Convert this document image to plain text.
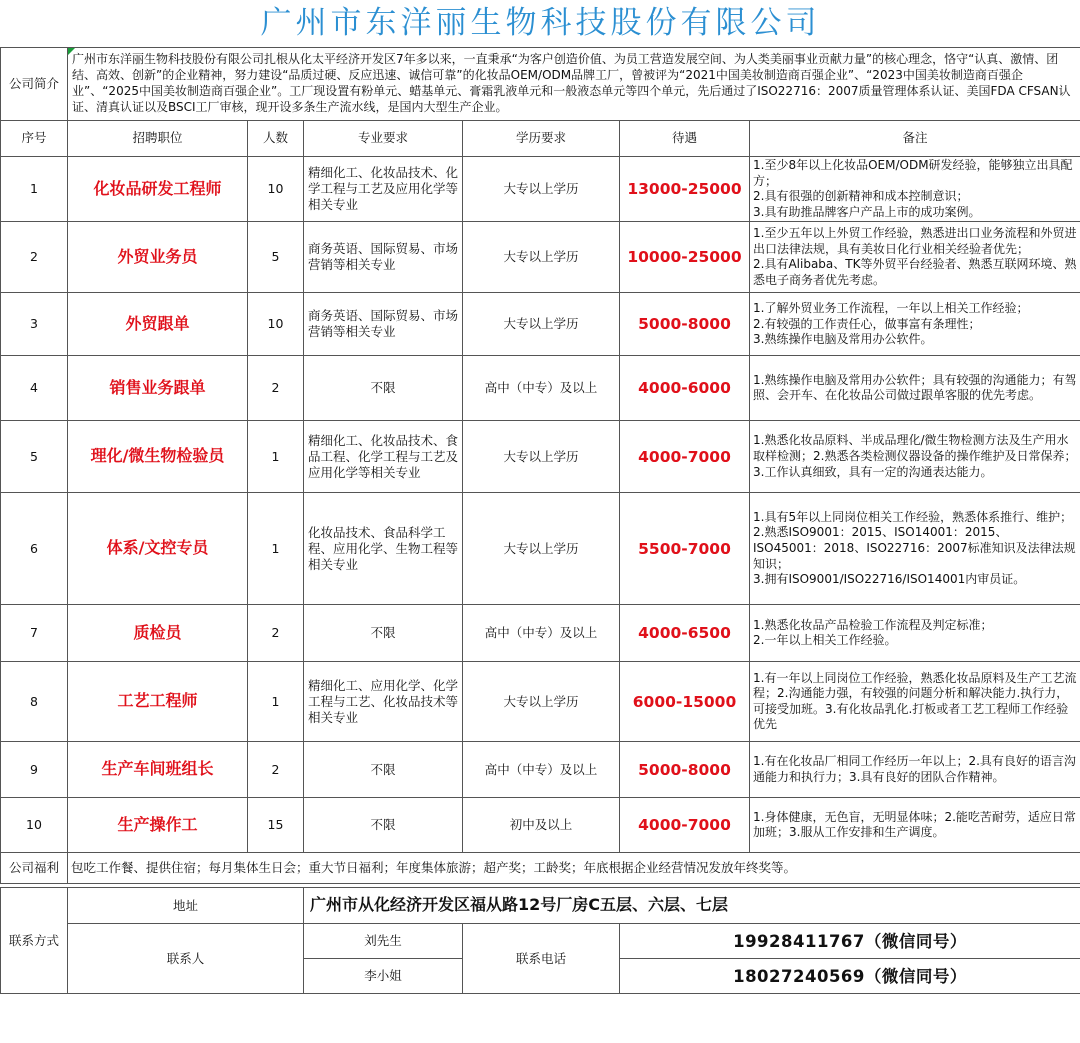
广州市东洋丽生物科技股份有限公司						
公司简介	广州市东洋丽生物科技股份有限公司扎根从化太平经济开发区7年多以来，一直秉承“为客户创造价值、为员工营造发展空间、为人类美丽事业贡献力量”的核心理念，恪守“认真、激情、团结、高效、创新”的企业精神，努力建设“品质过硬、反应迅速、诚信可靠”的化妆品OEM/ODM品牌工厂，曾被评为“2021中国美妆制造商百强企业”、“2023中国美妆制造商百强企业”、“2025中国美妆制造商百强企业”。工厂现设置有粉单元、蜡基单元、膏霜乳液单元和一般液态单元等四个单元，先后通过了ISO22716：2007质量管理体系认证、美国FDA CFSAN认证、清真认证以及BSCI工厂审核，现开设多条生产流水线，是国内大型生产企业。					
序号	招聘职位	人数	专业要求	学历要求	待遇	备注
1	化妆品研发工程师	10	精细化工、化妆品技术、化学工程与工艺及应用化学等相关专业	大专以上学历	13000-25000	1.至少8年以上化妆品OEM/ODM研发经验，能够独立出具配方；
2.具有很强的创新精神和成本控制意识；
3.具有助推品牌客户产品上市的成功案例。
2	外贸业务员	5	商务英语、国际贸易、市场营销等相关专业	大专以上学历	10000-25000	1.至少五年以上外贸工作经验，熟悉进出口业务流程和外贸进出口法律法规，具有美妆日化行业相关经验者优先；
2.具有Alibaba、TK等外贸平台经验者、熟悉互联网环境、熟悉电子商务者优先考虑。
3	外贸跟单	10	商务英语、国际贸易、市场营销等相关专业	大专以上学历	5000-8000	1.了解外贸业务工作流程，一年以上相关工作经验；
2.有较强的工作责任心，做事富有条理性；
3.熟练操作电脑及常用办公软件。
4	销售业务跟单	2	不限	高中（中专）及以上	4000-6000	1.熟练操作电脑及常用办公软件；具有较强的沟通能力；有驾照、会开车、在化妆品公司做过跟单客服的优先考虑。
5	理化/微生物检验员	1	精细化工、化妆品技术、食品工程、化学工程与工艺及应用化学等相关专业	大专以上学历	4000-7000	1.熟悉化妆品原料、半成品理化/微生物检测方法及生产用水取样检测；2.熟悉各类检测仪器设备的操作维护及日常保养；3.工作认真细致，具有一定的沟通表达能力。
6	体系/文控专员	1	化妆品技术、食品科学工程、应用化学、生物工程等相关专业	大专以上学历	5500-7000	1.具有5年以上同岗位相关工作经验，熟悉体系推行、维护；
2.熟悉ISO9001：2015、ISO14001：2015、ISO45001：2018、ISO22716：2007标准知识及法律法规知识；
3.拥有ISO9001/ISO22716/ISO14001内审员证。
7	质检员	2	不限	高中（中专）及以上	4000-6500	1.熟悉化妆品产品检验工作流程及判定标准；
2.一年以上相关工作经验。
8	工艺工程师	1	精细化工、应用化学、化学工程与工艺、化妆品技术等相关专业	大专以上学历	6000-15000	1.有一年以上同岗位工作经验，熟悉化妆品原料及生产工艺流程；2.沟通能力强，有较强的问题分析和解决能力.执行力，可接受加班。3.有化妆品乳化.打板或者工艺工程师工作经验优先
9	生产车间班组长	2	不限	高中（中专）及以上	5000-8000	1.有在化妆品厂相同工作经历一年以上；2.具有良好的语言沟通能力和执行力；3.具有良好的团队合作精神。
10	生产操作工	15	不限	初中及以上	4000-7000	1.身体健康，无色盲，无明显体味；2.能吃苦耐劳，适应日常加班；3.服从工作安排和生产调度。
公司福利	包吃工作餐、提供住宿；每月集体生日会；重大节日福利；年度集体旅游；超产奖；工龄奖；年底根据企业经营情况发放年终奖等。					

联系方式	地址		广州市从化经济开发区福从路12号厂房C五层、六层、七层			
	联系人		刘先生	联系电话	19928411767（微信同号）	
			李小姐		18027240569（微信同号）	
